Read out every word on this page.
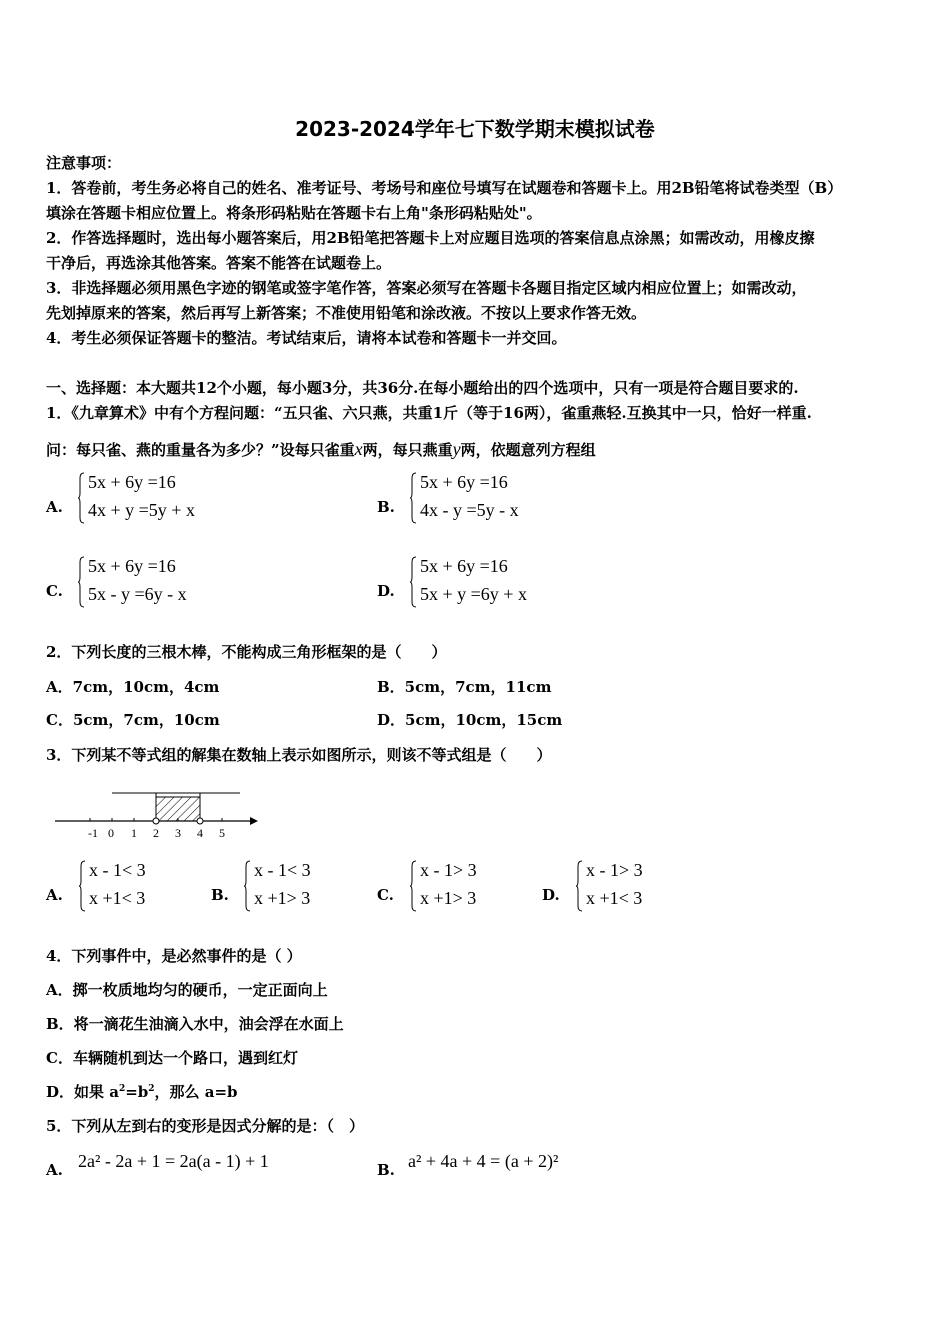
2023-2024学年七下数学期末模拟试卷
注意事项：
1．答卷前，考生务必将自己的姓名、准考证号、考场号和座位号填写在试题卷和答题卡上。用2B铅笔将试卷类型（B）
填涂在答题卡相应位置上。将条形码粘贴在答题卡右上角"条形码粘贴处"。
2．作答选择题时，选出每小题答案后，用2B铅笔把答题卡上对应题目选项的答案信息点涂黑；如需改动，用橡皮擦
干净后，再选涂其他答案。答案不能答在试题卷上。
3．非选择题必须用黑色字迹的钢笔或签字笔作答，答案必须写在答题卡各题目指定区域内相应位置上；如需改动，
先划掉原来的答案，然后再写上新答案；不准使用铅笔和涂改液。不按以上要求作答无效。
4．考生必须保证答题卡的整洁。考试结束后，请将本试卷和答题卡一并交回。
一、选择题：本大题共12个小题，每小题3分，共36分.在每小题给出的四个选项中，只有一项是符合题目要求的.
1．《九章算术》中有个方程问题：“五只雀、六只燕，共重1斤（等于16两），雀重燕轻.互换其中一只，恰好一样重.
问：每只雀、燕的重量各为多少？”设每只雀重x两，每只燕重y两，依题意列方程组
A.
5x + 6y =16
4x + y =5y + x	B.
5x + 6y =16
4x - y =5y - x
C.
5x + 6y =16
5x - y =6y - x	D.
5x + 6y =16
5x + y =6y + x
2．下列长度的三根木棒，不能构成三角形框架的是（　　）
A．7cm，10cm，4cm	B．5cm，7cm，11cm
C．5cm，7cm，10cm	D．5cm，10cm，15cm
3．下列某不等式组的解集在数轴上表示如图所示，则该不等式组是（　　）
-1 0 1 2 3 4 5
A.
x - 1< 3
x +1< 3	B.
x - 1< 3
x +1> 3	C.
x - 1> 3
x +1> 3	D.
x - 1> 3
x +1< 3
4．下列事件中，是必然事件的是（ ）
A．掷一枚质地均匀的硬币，一定正面向上
B．将一滴花生油滴入水中，油会浮在水面上
C．车辆随机到达一个路口，遇到红灯
D．如果 $a^2=b^2$，那么 a=b
5．下列从左到右的变形是因式分解的是：（　）
A. 2a² - 2a + 1 = 2a(a - 1) + 1	B. a² + 4a + 4 = (a + 2)²
